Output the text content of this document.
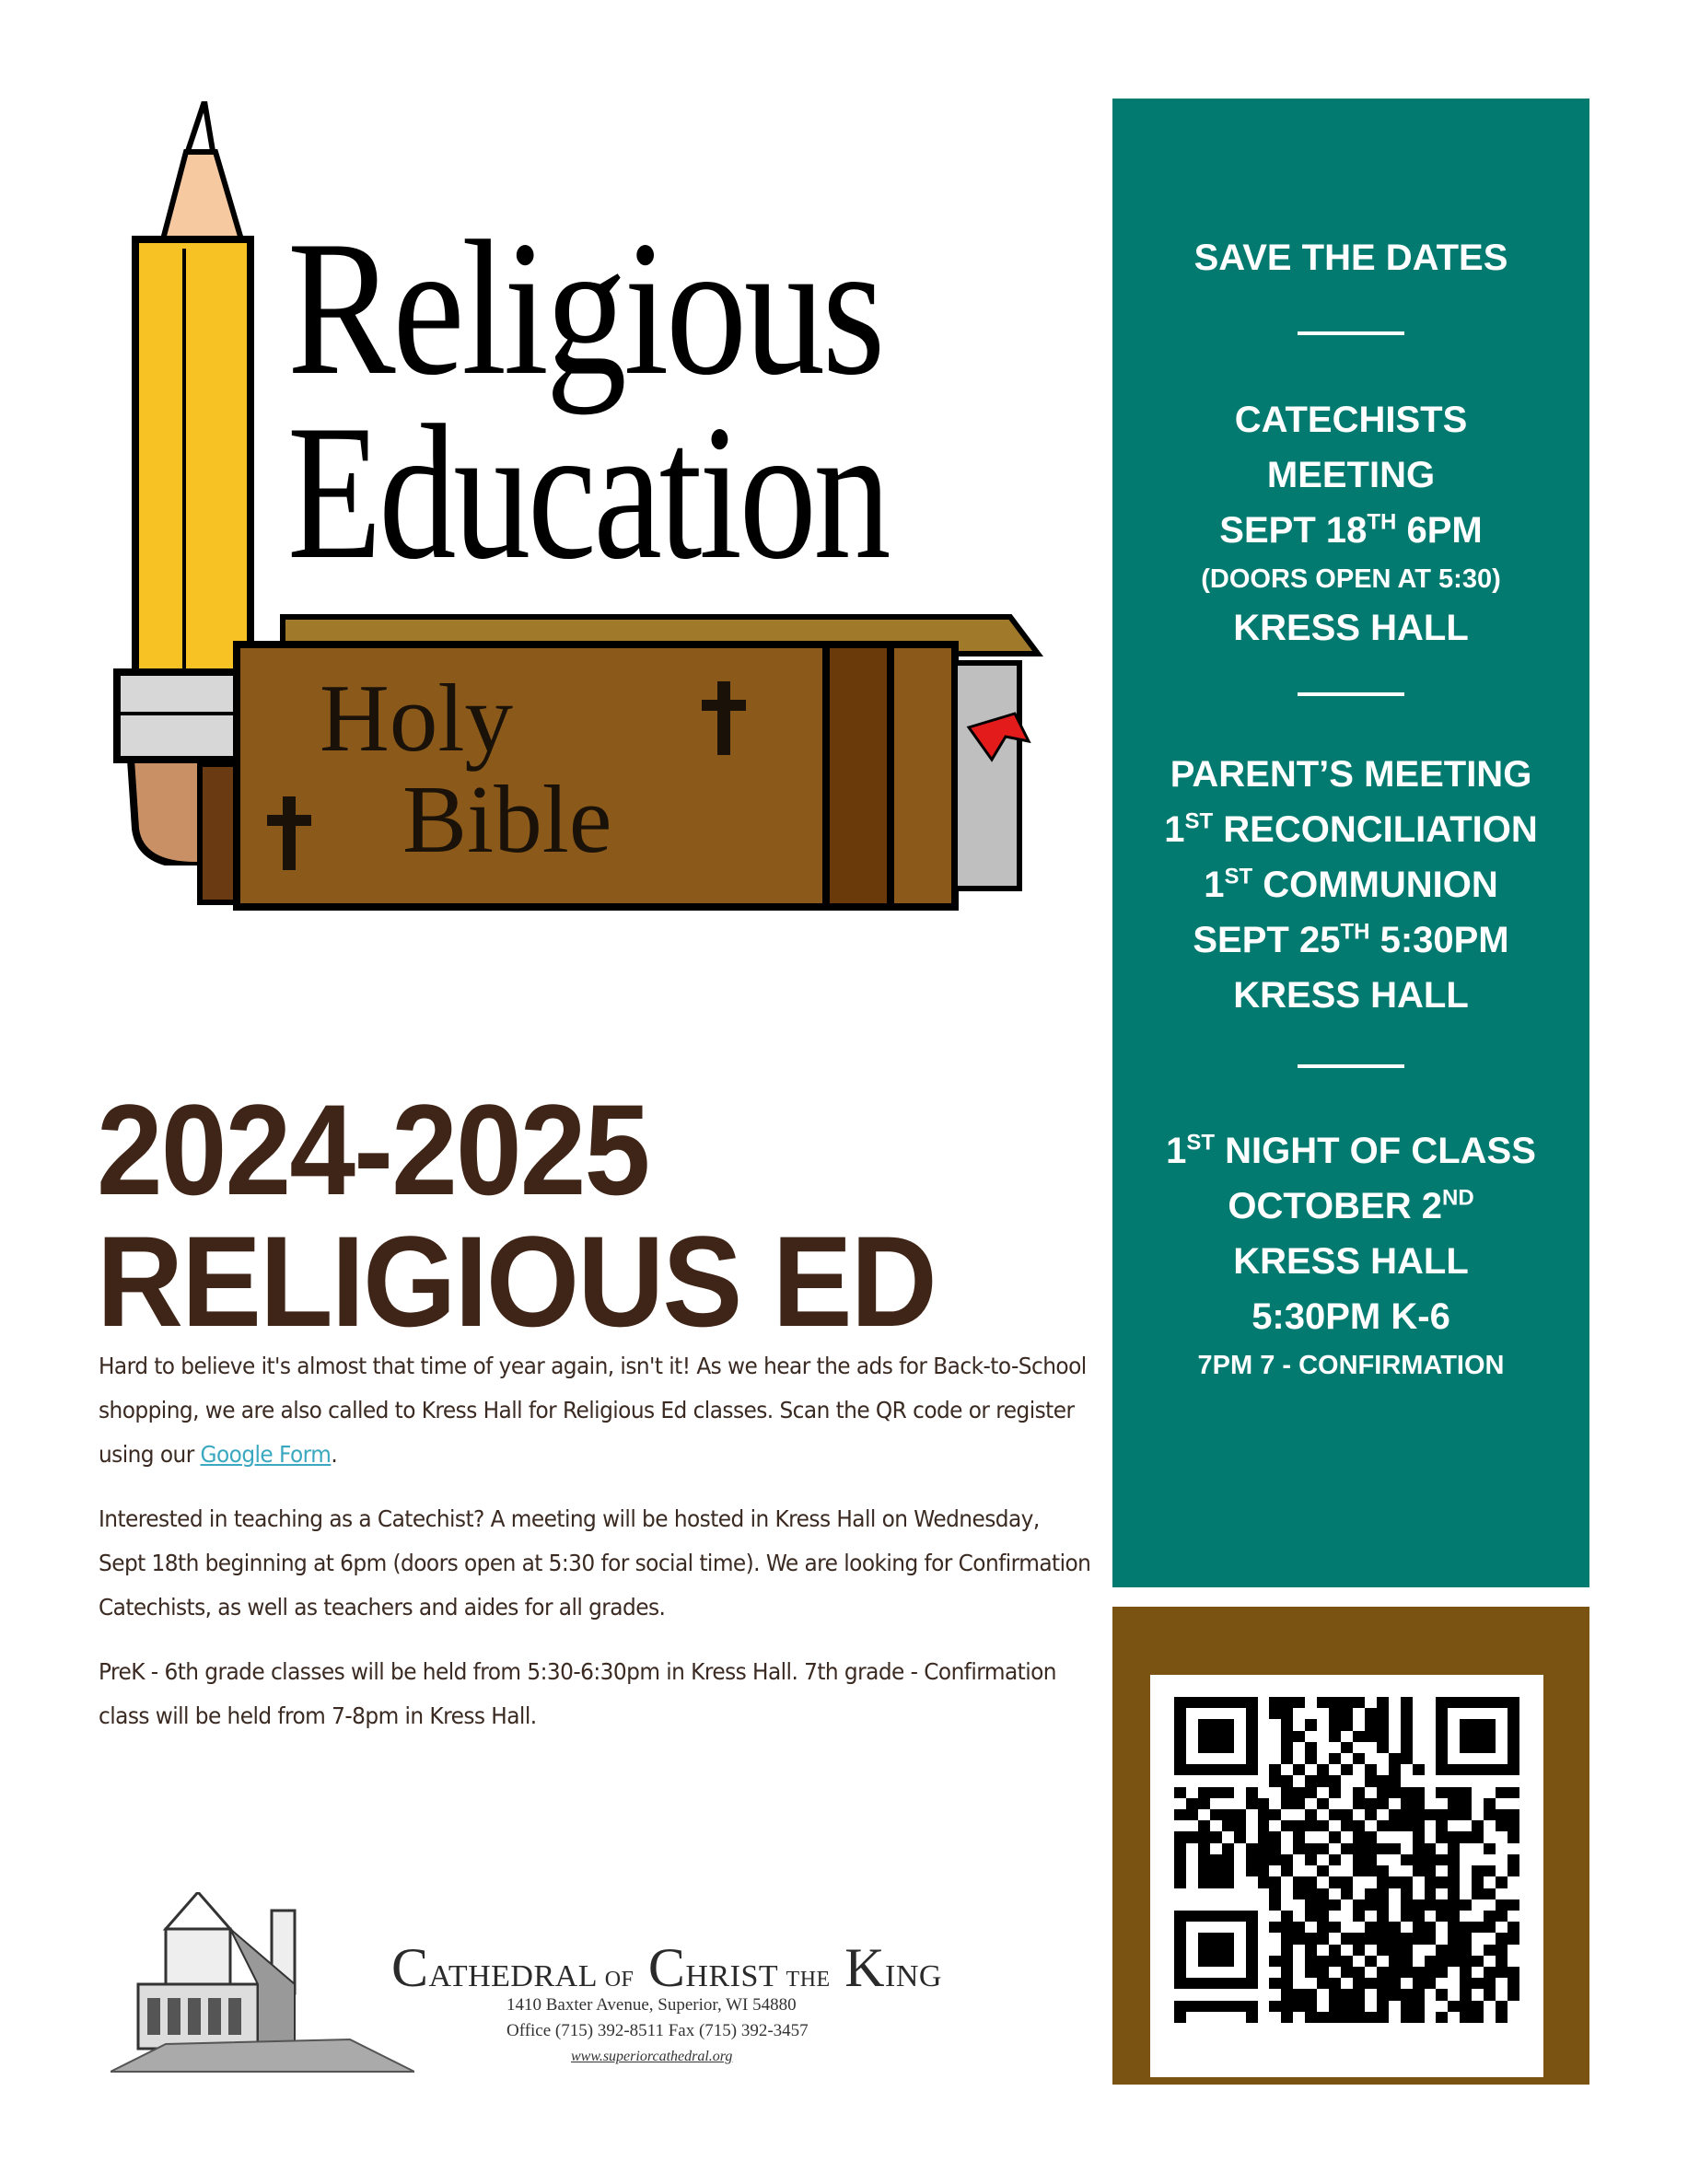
Religious
Education
Holy
Bible
2024-2025
RELIGIOUS ED

Hard to believe it's almost that time of year again, isn't it! As we hear the ads for Back-to-School shopping, we are also called to Kress Hall for Religious Ed classes. Scan the QR code or register using our Google Form.

Interested in teaching as a Catechist? A meeting will be hosted in Kress Hall on Wednesday, Sept 18th beginning at 6pm (doors open at 5:30 for social time). We are looking for Confirmation Catechists, as well as teachers and aides for all grades.

PreK - 6th grade classes will be held from 5:30-6:30pm in Kress Hall. 7th grade - Confirmation class will be held from 7-8pm in Kress Hall.

CATHEDRAL OF CHRIST THE KING
1410 Baxter Avenue, Superior, WI 54880
Office (715) 392-8511 Fax (715) 392-3457
www.superiorcathedral.org
SAVE THE DATES
CATECHISTS
MEETING
SEPT 18TH 6PM
(DOORS OPEN AT 5:30)
KRESS HALL
PARENT’S MEETING
1ST RECONCILIATION
1ST COMMUNION
SEPT 25TH 5:30PM
KRESS HALL
1ST NIGHT OF CLASS
OCTOBER 2ND
KRESS HALL
5:30PM K-6
7PM 7 - CONFIRMATION
